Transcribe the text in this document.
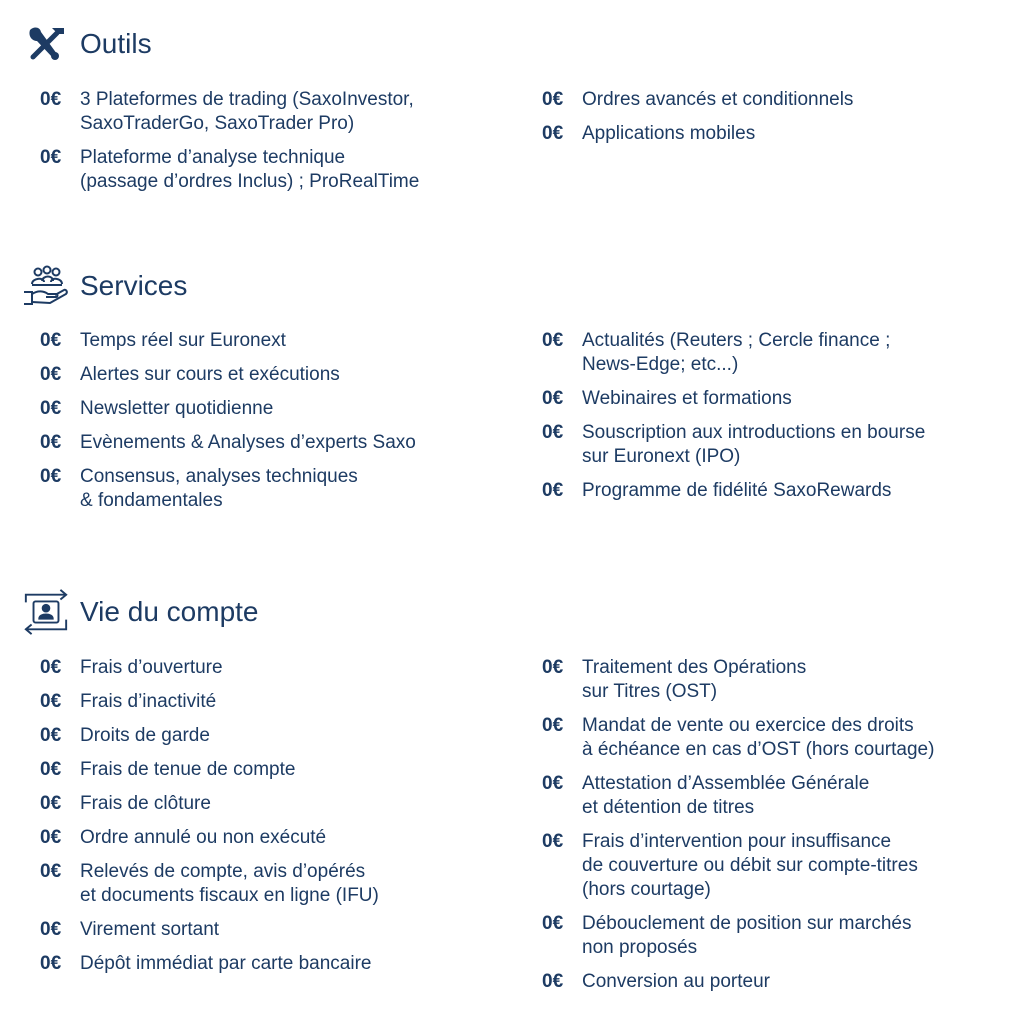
Outils
0€ 3 Plateformes de trading (SaxoInvestor,
SaxoTraderGo, SaxoTrader Pro)
0€ Plateforme d’analyse technique
(passage d’ordres Inclus) ; ProRealTime
0€ Ordres avancés et conditionnels
0€ Applications mobiles
Services
0€ Temps réel sur Euronext
0€ Alertes sur cours et exécutions
0€ Newsletter quotidienne
0€ Evènements & Analyses d’experts Saxo
0€ Consensus, analyses techniques
& fondamentales
0€ Actualités (Reuters ; Cercle finance ;
News-Edge; etc...)
0€ Webinaires et formations
0€ Souscription aux introductions en bourse
sur Euronext (IPO)
0€ Programme de fidélité SaxoRewards
Vie du compte
0€ Frais d’ouverture
0€ Frais d’inactivité
0€ Droits de garde
0€ Frais de tenue de compte
0€ Frais de clôture
0€ Ordre annulé ou non exécuté
0€ Relevés de compte, avis d’opérés
et documents fiscaux en ligne (IFU)
0€ Virement sortant
0€ Dépôt immédiat par carte bancaire
0€ Traitement des Opérations
sur Titres (OST)
0€ Mandat de vente ou exercice des droits
à échéance en cas d’OST (hors courtage)
0€ Attestation d’Assemblée Générale
et détention de titres
0€ Frais d’intervention pour insuffisance
de couverture ou débit sur compte-titres
(hors courtage)
0€ Débouclement de position sur marchés
non proposés
0€ Conversion au porteur
